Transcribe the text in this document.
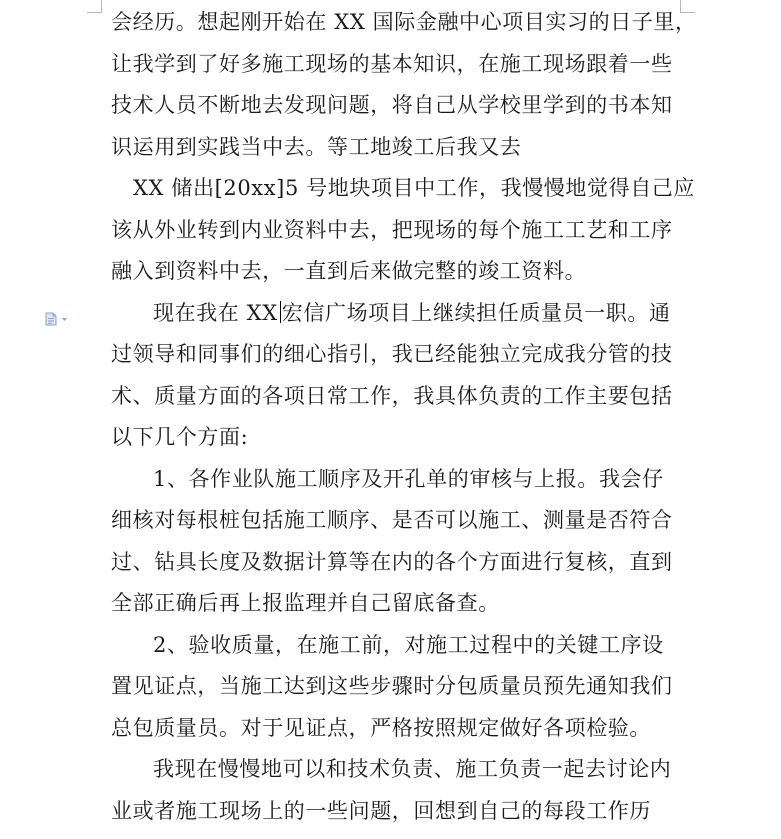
会经历。想起刚开始在 XX 国际金融中心项目实习的日子里，
让我学到了好多施工现场的基本知识，在施工现场跟着一些
技术人员不断地去发现问题，将自己从学校里学到的书本知
识运用到实践当中去。等工地竣工后我又去
XX 储出[20xx]5 号地块项目中工作，我慢慢地觉得自己应
该从外业转到内业资料中去，把现场的每个施工工艺和工序
融入到资料中去，一直到后来做完整的竣工资料。
现在我在 XX 宏信广场项目上继续担任质量员一职。通
过领导和同事们的细心指引，我已经能独立完成我分管的技
术、质量方面的各项日常工作，我具体负责的工作主要包括
以下几个方面:
1、各作业队施工顺序及开孔单的审核与上报。我会仔
细核对每根桩包括施工顺序、是否可以施工、测量是否符合
过、钻具长度及数据计算等在内的各个方面进行复核，直到
全部正确后再上报监理并自己留底备查。
2、验收质量，在施工前，对施工过程中的关键工序设
置见证点，当施工达到这些步骤时分包质量员预先通知我们
总包质量员。对于见证点，严格按照规定做好各项检验。
我现在慢慢地可以和技术负责、施工负责一起去讨论内
业或者施工现场上的一些问题，回想到自己的每段工作历
